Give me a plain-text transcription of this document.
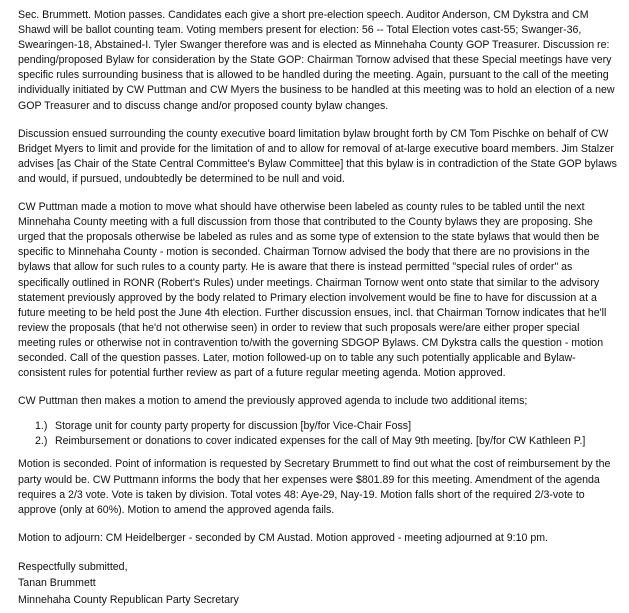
Sec. Brummett. Motion passes. Candidates each give a short pre-election speech. Auditor Anderson, CM Dykstra and CM Shawd will be ballot counting team. Voting members present for election: 56 -- Total Election votes cast-55; Swanger-36, Swearingen-18, Abstained-I. Tyler Swanger therefore was and is elected as Minnehaha County GOP Treasurer. Discussion re: pending/proposed Bylaw for consideration by the State GOP: Chairman Tornow advised that these Special meetings have very specific rules surrounding business that is allowed to be handled during the meeting. Again, pursuant to the call of the meeting individually initiated by CW Puttman and CW Myers the business to be handled at this meeting was to hold an election of a new GOP Treasurer and to discuss change and/or proposed county bylaw changes.

Discussion ensued surrounding the county executive board limitation bylaw brought forth by CM Tom Pischke on behalf of CW Bridget Myers to limit and provide for the limitation of and to allow for removal of at-large executive board members. Jim Stalzer advises [as Chair of the State Central Committee's Bylaw Committee] that this bylaw is in contradiction of the State GOP bylaws and would, if pursued, undoubtedly be determined to be null and void.

CW Puttman made a motion to move what should have otherwise been labeled as county rules to be tabled until the next Minnehaha County meeting with a full discussion from those that contributed to the County bylaws they are proposing. She urged that the proposals otherwise be labeled as rules and as some type of extension to the state bylaws that would then be specific to Minnehaha County - motion is seconded. Chairman Tornow advised the body that there are no provisions in the bylaws that allow for such rules to a county party. He is aware that there is instead permitted "special rules of order" as specifically outlined in RONR (Robert's Rules) under meetings. Chairman Tornow went onto state that similar to the advisory statement previously approved by the body related to Primary election involvement would be fine to have for discussion at a future meeting to be held post the June 4th election. Further discussion ensues, incl. that Chairman Tornow indicates that he'll review the proposals (that he'd not otherwise seen) in order to review that such proposals were/are either proper special meeting rules or otherwise not in contravention to/with the governing SDGOP Bylaws. CM Dykstra calls the question - motion seconded. Call of the question passes. Later, motion followed-up on to table any such potentially applicable and Bylaw-consistent rules for potential further review as part of a future regular meeting agenda. Motion approved.

CW Puttman then makes a motion to amend the previously approved agenda to include two additional items;

1.) Storage unit for county party property for discussion [by/for Vice-Chair Foss]
2.) Reimbursement or donations to cover indicated expenses for the call of May 9th meeting. [by/for CW Kathleen P.]

Motion is seconded. Point of information is requested by Secretary Brummett to find out what the cost of reimbursement by the party would be. CW Puttmann informs the body that her expenses were $801.89 for this meeting. Amendment of the agenda requires a 2/3 vote. Vote is taken by division. Total votes 48: Aye-29, Nay-19. Motion falls short of the required 2/3-vote to approve (only at 60%). Motion to amend the approved agenda fails.

Motion to adjourn: CM Heidelberger - seconded by CM Austad. Motion approved - meeting adjourned at 9:10 pm.

Respectfully submitted,

Tanan Brummett

Minnehaha County Republican Party Secretary
